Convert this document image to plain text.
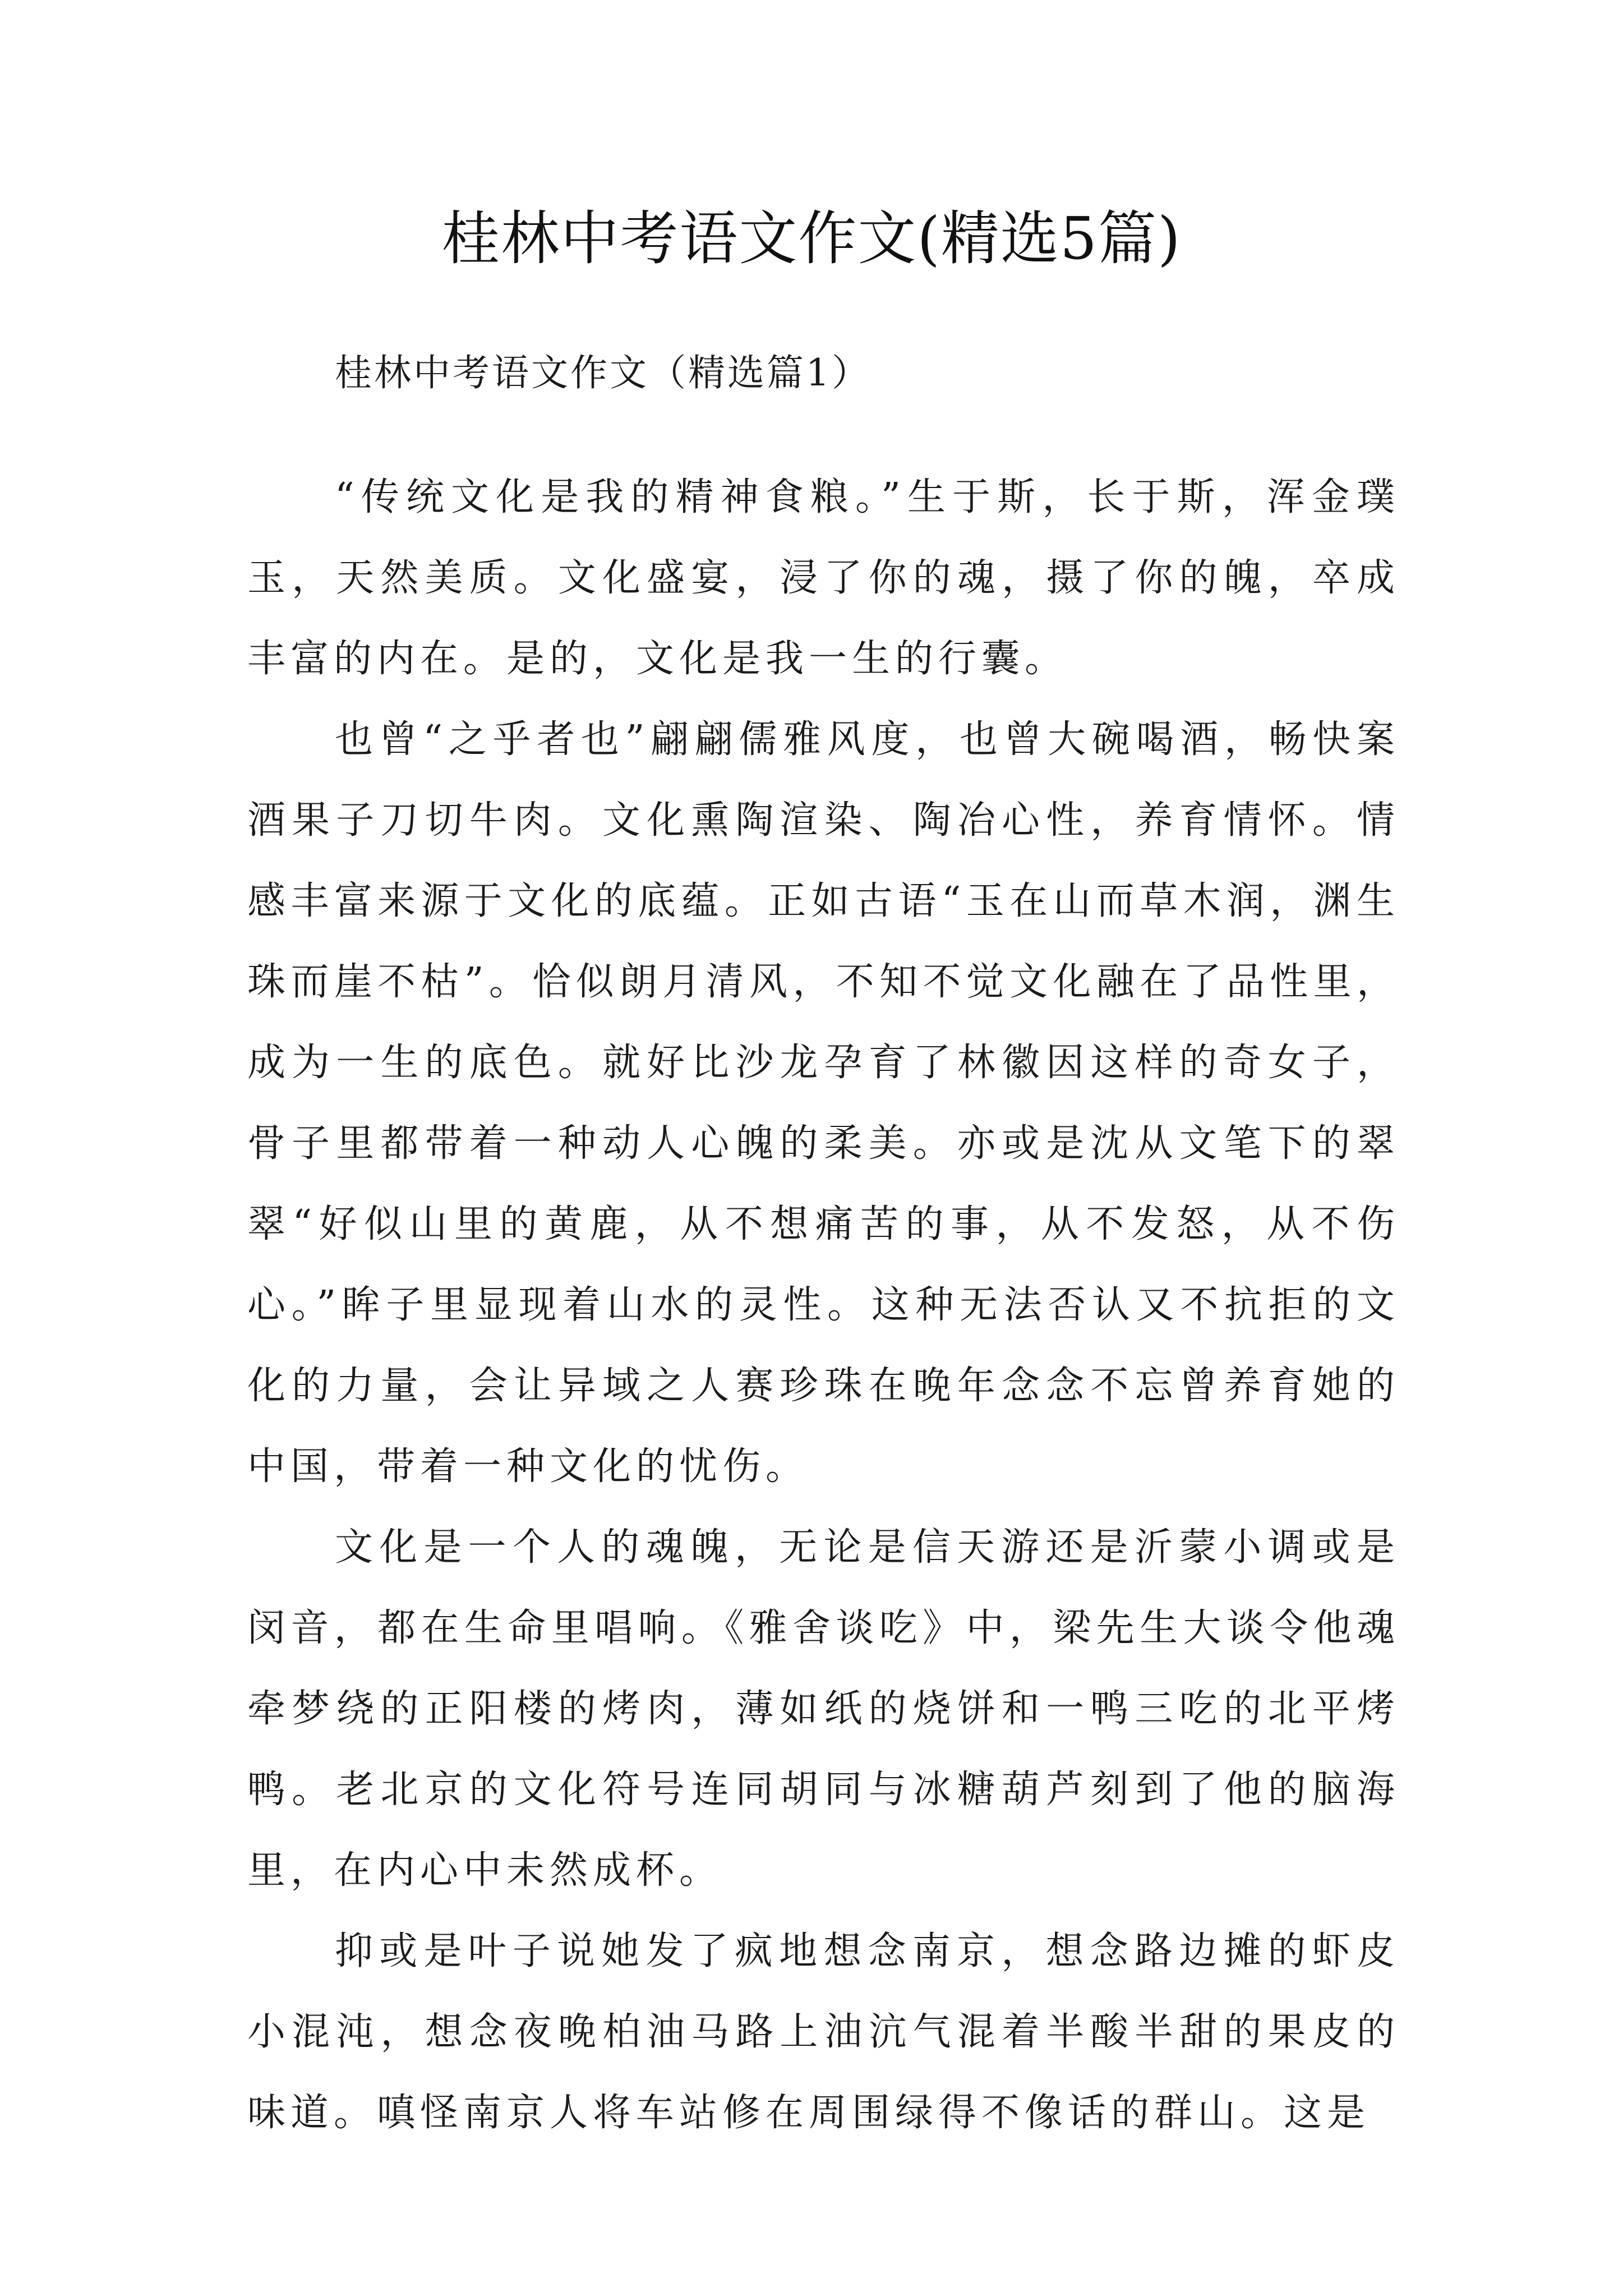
桂林中考语文作文(精选5篇)
桂林中考语文作文（精选篇1）

“传统文化是我的精神食粮。”生于斯，长于斯，浑金璞玉，天然美质。文化盛宴，浸了你的魂，摄了你的魄，卒成丰富的内在。是的，文化是我一生的行囊。

也曾“之乎者也”翩翩儒雅风度，也曾大碗喝酒，畅快案酒果子刀切牛肉。文化熏陶渲染、陶冶心性，养育情怀。情感丰富来源于文化的底蕴。正如古语“玉在山而草木润，渊生珠而崖不枯”。恰似朗月清风，不知不觉文化融在了品性里，成为一生的底色。就好比沙龙孕育了林徽因这样的奇女子，骨子里都带着一种动人心魄的柔美。亦或是沈从文笔下的翠翠“好似山里的黄鹿，从不想痛苦的事，从不发怒，从不伤心。”眸子里显现着山水的灵性。这种无法否认又不抗拒的文化的力量，会让异域之人赛珍珠在晚年念念不忘曾养育她的中国，带着一种文化的忧伤。

文化是一个人的魂魄，无论是信天游还是沂蒙小调或是闵音，都在生命里唱响。《雅舍谈吃》中，梁先生大谈令他魂牵梦绕的正阳楼的烤肉，薄如纸的烧饼和一鸭三吃的北平烤鸭。老北京的文化符号连同胡同与冰糖葫芦刻到了他的脑海里，在内心中未然成杯。

抑或是叶子说她发了疯地想念南京，想念路边摊的虾皮小混沌，想念夜晚柏油马路上油沆气混着半酸半甜的果皮的味道。嗔怪南京人将车站修在周围绿得不像话的群山。这是
